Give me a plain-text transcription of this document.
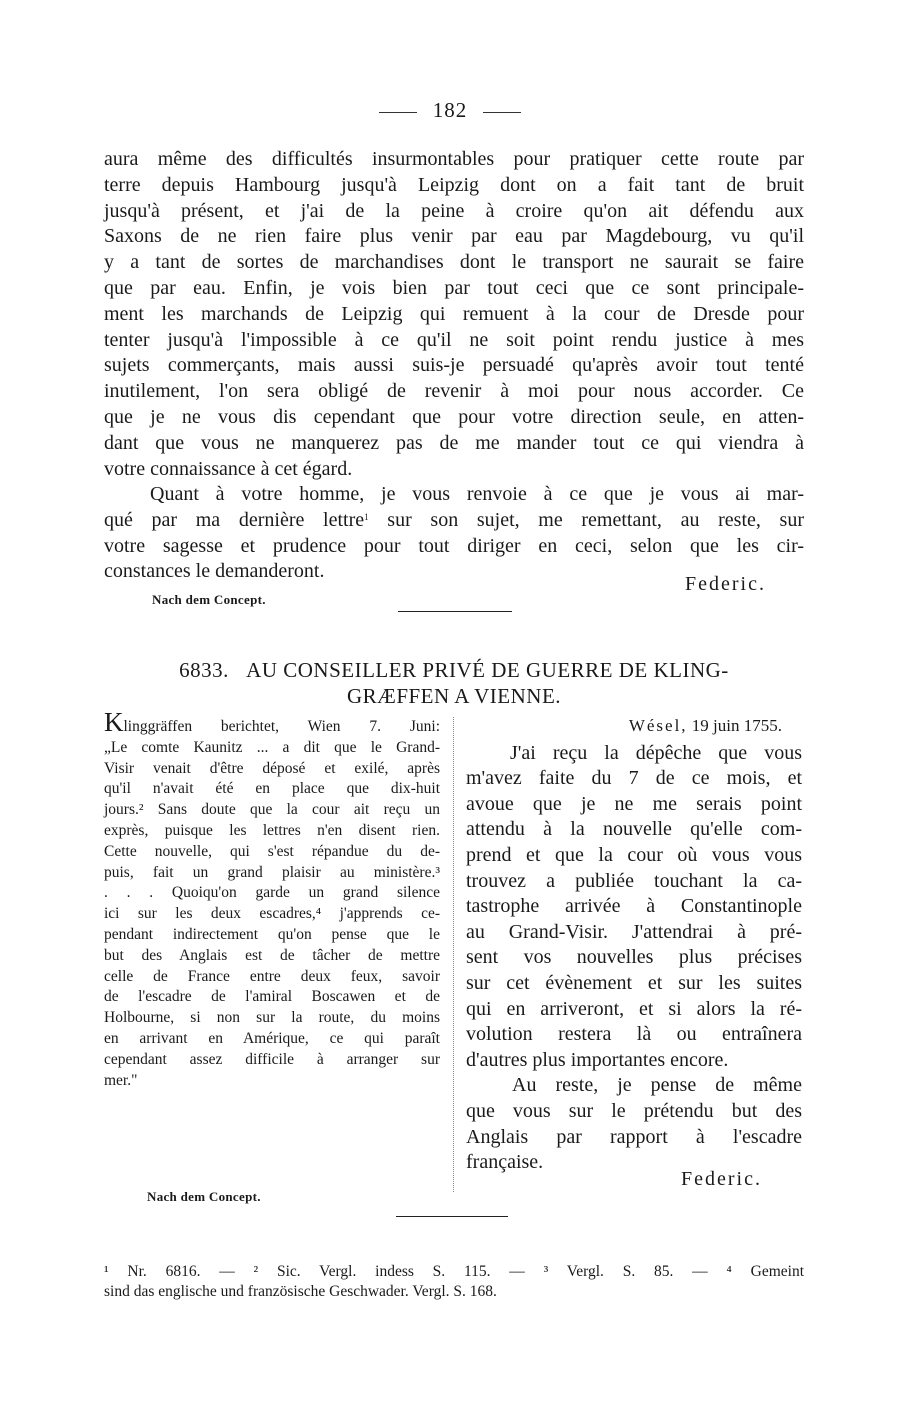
182
aura même des difficultés insurmontables pour pratiquer cette route par
terre depuis Hambourg jusqu'à Leipzig dont on a fait tant de bruit
jusqu'à présent, et j'ai de la peine à croire qu'on ait défendu aux
Saxons de ne rien faire plus venir par eau par Magdebourg, vu qu'il
y a tant de sortes de marchandises dont le transport ne saurait se faire
que par eau. Enfin, je vois bien par tout ceci que ce sont principale-
ment les marchands de Leipzig qui remuent à la cour de Dresde pour
tenter jusqu'à l'impossible à ce qu'il ne soit point rendu justice à mes
sujets commerçants, mais aussi suis-je persuadé qu'après avoir tout tenté
inutilement, l'on sera obligé de revenir à moi pour nous accorder. Ce
que je ne vous dis cependant que pour votre direction seule, en atten-
dant que vous ne manquerez pas de me mander tout ce qui viendra à
votre connaissance à cet égard.
Quant à votre homme, je vous renvoie à ce que je vous ai mar-
qué par ma dernière lettre$^1$ sur son sujet, me remettant, au reste, sur
votre sagesse et prudence pour tout diriger en ceci, selon que les cir-
constances le demanderont.
Federic.
Nach dem Concept.
6833. AU CONSEILLER PRIVÉ DE GUERRE DE KLING-
GRÆFFEN A VIENNE.
Klinggräffen berichtet, Wien 7. Juni:
„Le comte Kaunitz ... a dit que le Grand-
Visir venait d'être déposé et exilé, après
qu'il n'avait été en place que dix-huit
jours.² Sans doute que la cour ait reçu un
exprès, puisque les lettres n'en disent rien.
Cette nouvelle, qui s'est répandue du de-
puis, fait un grand plaisir au ministère.³
. . . Quoiqu'on garde un grand silence
ici sur les deux escadres,⁴ j'apprends ce-
pendant indirectement qu'on pense que le
but des Anglais est de tâcher de mettre
celle de France entre deux feux, savoir
de l'escadre de l'amiral Boscawen et de
Holbourne, si non sur la route, du moins
en arrivant en Amérique, ce qui paraît
cependant assez difficile à arranger sur
mer."
Wésel, 19 juin 1755.
J'ai reçu la dépêche que vous
m'avez faite du 7 de ce mois, et
avoue que je ne me serais point
attendu à la nouvelle qu'elle com-
prend et que la cour où vous vous
trouvez a publiée touchant la ca-
tastrophe arrivée à Constantinople
au Grand-Visir. J'attendrai à pré-
sent vos nouvelles plus précises
sur cet évènement et sur les suites
qui en arriveront, et si alors la ré-
volution restera là ou entraînera
d'autres plus importantes encore.
Au reste, je pense de même
que vous sur le prétendu but des
Anglais par rapport à l'escadre
française.
Federic.
Nach dem Concept.
¹ Nr. 6816. — ² Sic. Vergl. indess S. 115. — ³ Vergl. S. 85. — ⁴ Gemeint
sind das englische und französische Geschwader. Vergl. S. 168.
